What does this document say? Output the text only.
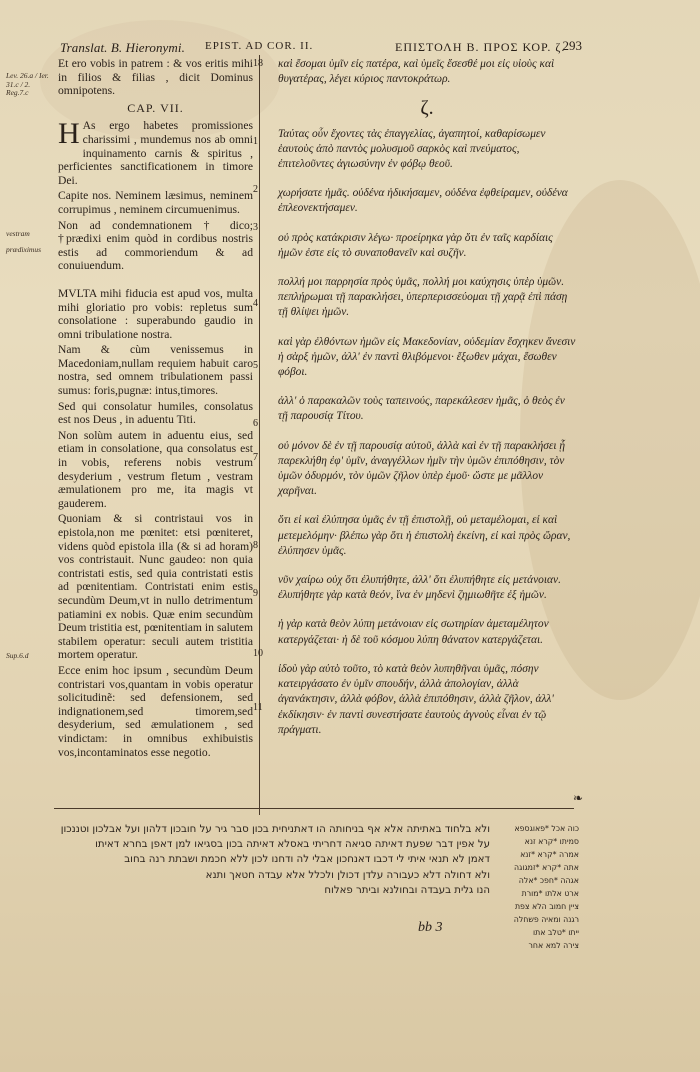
Translat. B. Hieronymi. EPIST. AD COR. II.	ΕΠΙΣΤΟΛΗ Β. ΠΡΟΣ ΚΟΡ. ζ.
293
Lev. 26.a / Ier. 31.c / 2. Reg.7.c
vestram
prædiximus
Sup.6.d
18
1
2
3
4
5
6
7
8
9
10
11

Et ero vobis in patrem : & vos eritis mihi in filios & filias , dicit Dominus omnipotens.

CAP. VII.

H As ergo habetes promissiones charissimi , mundemus nos ab omni inquinamento carnis & spiritus , perficientes sanctificationem in timore Dei.

Capite nos. Neminem læsimus, neminem corrupimus , neminem circumuenimus.

Non ad condemnationem † dico; †prædixi enim quòd in cordibus nostris estis ad commoriendum & ad conuiuendum.

MVLTA mihi fiducia est apud vos, multa mihi gloriatio pro vobis: repletus sum consolatione : superabundo gaudio in omni tribulatione nostra.

Nam & cùm venissemus in Macedoniam,nullam requiem habuit caro nostra, sed omnem tribulationem passi sumus: foris,pugnæ: intus,timores.

Sed qui consolatur humiles, consolatus est nos Deus , in aduentu Titi.

Non solùm autem in aduentu eius, sed etiam in consolatione, qua consolatus est in vobis, referens nobis vestrum desyderium , vestrum fletum , vestram æmulationem pro me, ita magis vt gauderem.

Quoniam & si contristaui vos in epistola,non me pœnitet: etsi pœniteret, videns quòd epistola illa (& si ad horam) vos contristauit. Nunc gaudeo: non quia contristati estis, sed quia contristati estis ad pœnitentiam. Contristati enim estis secundùm Deum,vt in nullo detrimentum patiamini ex nobis. Quæ enim secundùm Deum tristitia est, pœnitentiam in salutem stabilem operatur: seculi autem tristitia mortem operatur.

Ecce enim hoc ipsum , secundùm Deum contristari vos,quantam in vobis operatur solicitudinẽ: sed defensionem, sed indignationem,sed timorem,sed desyderium, sed æmulationem , sed vindictam: in omnibus exhibuistis vos,incontaminatos esse negotio.

καὶ ἔσομαι ὑμῖν εἰς πατέρα, καὶ ὑμεῖς ἔσεσθέ μοι εἰς υἱοὺς καὶ θυγατέρας, λέγει κύριος παντοκράτωρ.

ζ.

Ταύτας οὖν ἔχοντες τὰς ἐπαγγελίας, ἀγαπητοί, καθαρίσωμεν ἑαυτοὺς ἀπὸ παντὸς μολυσμοῦ σαρκὸς καὶ πνεύματος, ἐπιτελοῦντες ἁγιωσύνην ἐν φόβῳ θεοῦ.

χωρήσατε ἡμᾶς. οὐδένα ἠδικήσαμεν, οὐδένα ἐφθείραμεν, οὐδένα ἐπλεονεκτήσαμεν.

οὐ πρὸς κατάκρισιν λέγω· προείρηκα γὰρ ὅτι ἐν ταῖς καρδίαις ἡμῶν ἐστε εἰς τὸ συναποθανεῖν καὶ συζῆν.

πολλή μοι παρρησία πρὸς ὑμᾶς, πολλή μοι καύχησις ὑπὲρ ὑμῶν. πεπλήρωμαι τῇ παρακλήσει, ὑπερπερισσεύομαι τῇ χαρᾷ ἐπὶ πάσῃ τῇ θλίψει ἡμῶν.

καὶ γὰρ ἐλθόντων ἡμῶν εἰς Μακεδονίαν, οὐδεμίαν ἔσχηκεν ἄνεσιν ἡ σὰρξ ἡμῶν, ἀλλ' ἐν παντὶ θλιβόμενοι· ἔξωθεν μάχαι, ἔσωθεν φόβοι.

ἀλλ' ὁ παρακαλῶν τοὺς ταπεινούς, παρεκάλεσεν ἡμᾶς, ὁ θεὸς ἐν τῇ παρουσίᾳ Τίτου.

οὐ μόνον δὲ ἐν τῇ παρουσίᾳ αὐτοῦ, ἀλλὰ καὶ ἐν τῇ παρακλήσει ᾗ παρεκλήθη ἐφ' ὑμῖν, ἀναγγέλλων ἡμῖν τὴν ὑμῶν ἐπιπόθησιν, τὸν ὑμῶν ὀδυρμόν, τὸν ὑμῶν ζῆλον ὑπὲρ ἐμοῦ· ὥστε με μᾶλλον χαρῆναι.

ὅτι εἰ καὶ ἐλύπησα ὑμᾶς ἐν τῇ ἐπιστολῇ, οὐ μεταμέλομαι, εἰ καὶ μετεμελόμην· βλέπω γὰρ ὅτι ἡ ἐπιστολὴ ἐκείνη, εἰ καὶ πρὸς ὥραν, ἐλύπησεν ὑμᾶς.

νῦν χαίρω οὐχ ὅτι ἐλυπήθητε, ἀλλ' ὅτι ἐλυπήθητε εἰς μετάνοιαν. ἐλυπήθητε γὰρ κατὰ θεόν, ἵνα ἐν μηδενὶ ζημιωθῆτε ἐξ ἡμῶν.

ἡ γὰρ κατὰ θεὸν λύπη μετάνοιαν εἰς σωτηρίαν ἀμεταμέλητον κατεργάζεται· ἡ δὲ τοῦ κόσμου λύπη θάνατον κατεργάζεται.

ἰδοὺ γὰρ αὐτὸ τοῦτο, τὸ κατὰ θεὸν λυπηθῆναι ὑμᾶς, πόσην κατειργάσατο ἐν ὑμῖν σπουδήν, ἀλλὰ ἀπολογίαν, ἀλλὰ ἀγανάκτησιν, ἀλλὰ φόβον, ἀλλὰ ἐπιπόθησιν, ἀλλὰ ζῆλον, ἀλλ' ἐκδίκησιν· ἐν παντὶ συνεστήσατε ἑαυτοὺς ἁγνοὺς εἶναι ἐν τῷ πράγματι.

❧

ולא בלחוד באתיתה אלא אף בניחותה הו דאתניחית בכון סבר גיר על חובכון דלהון ועל אבלכון וטננכון

על אפין דבר שפעת דאיתה סגיאה דחריתי באסלא דאיתה בכון בסגיאו למן דאפן בחרא דאיתו

דאמן לא תנאי איתי לי דכבו דאנחכון אבלי לה ודחנו לכון ללא חכמת ושבתת רנה בחוב

ולא דחולה דלא כעבורה עלדן דכולן ולכלל אלא עבדה חטאך ותנא

הנו גלית בעבדה ובחולנא וביתר פאלוח

כוה אכל *פאוגספא
סמיתו *קרא זנא
אמרה *קרא *זנא
אתה *קרא *זמגוגה
אגהה *חפכ *אלה
ארט אלתו *מורת
ציין חמוב הלא צפת
רגנה ומאיה פשחלה
ייתו *טלב אתו
צירה למא אחר
bb 3
